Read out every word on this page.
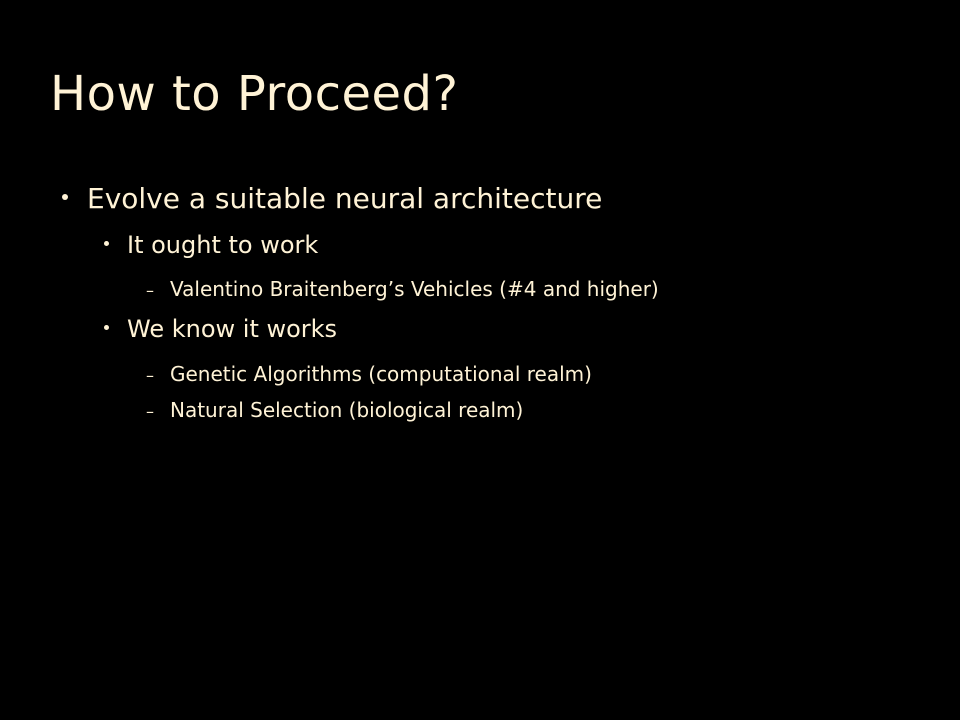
How to Proceed?
Evolve a suitable neural architecture
It ought to work
– Valentino Braitenberg’s Vehicles (#4 and higher)
We know it works
– Genetic Algorithms (computational realm)
– Natural Selection (biological realm)
